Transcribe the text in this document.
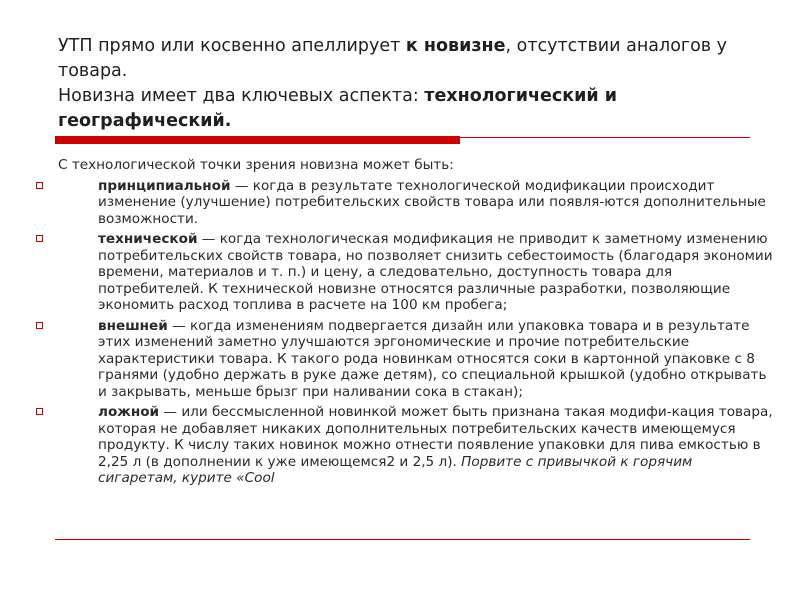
УТП прямо или косвенно апеллирует к новизне, отсутствии аналогов у товара.

Новизна имеет два ключевых аспекта: технологический и географический.

С технологической точки зрения новизна может быть:

принципиальной — когда в результате технологической модификации происходит изменение (улучшение) потребительских свойств товара или появля-ются дополнительные возможности.
технической — когда технологическая модификация не приводит к заметному изменению потребительских свойств товара, но позволяет снизить себестоимость (благодаря экономии времени, материалов и т. п.) и цену, а следовательно, доступность товара для потребителей. К технической новизне относятся различные разработки, позволяющие экономить расход топлива в расчете на 100 км пробега;
внешней — когда изменениям подвергается дизайн или упаковка товара и в результате этих изменений заметно улучшаются эргономические и прочие потребительские характеристики товара. К такого рода новинкам относятся соки в картонной упаковке с 8 гранями (удобно держать в руке даже детям), со специальной крышкой (удобно открывать и закрывать, меньше брызг при наливании сока в стакан);
ложной — или бессмысленной новинкой может быть признана такая модифи-кация товара, которая не добавляет никаких дополнительных потребительских качеств имеющемуся продукту. К числу таких новинок можно отнести появление упаковки для пива емкостью в 2,25 л (в дополнении к уже имеющемся2 и 2,5 л). Порвите с привычкой к горячим сигаретам, курите «Cool
